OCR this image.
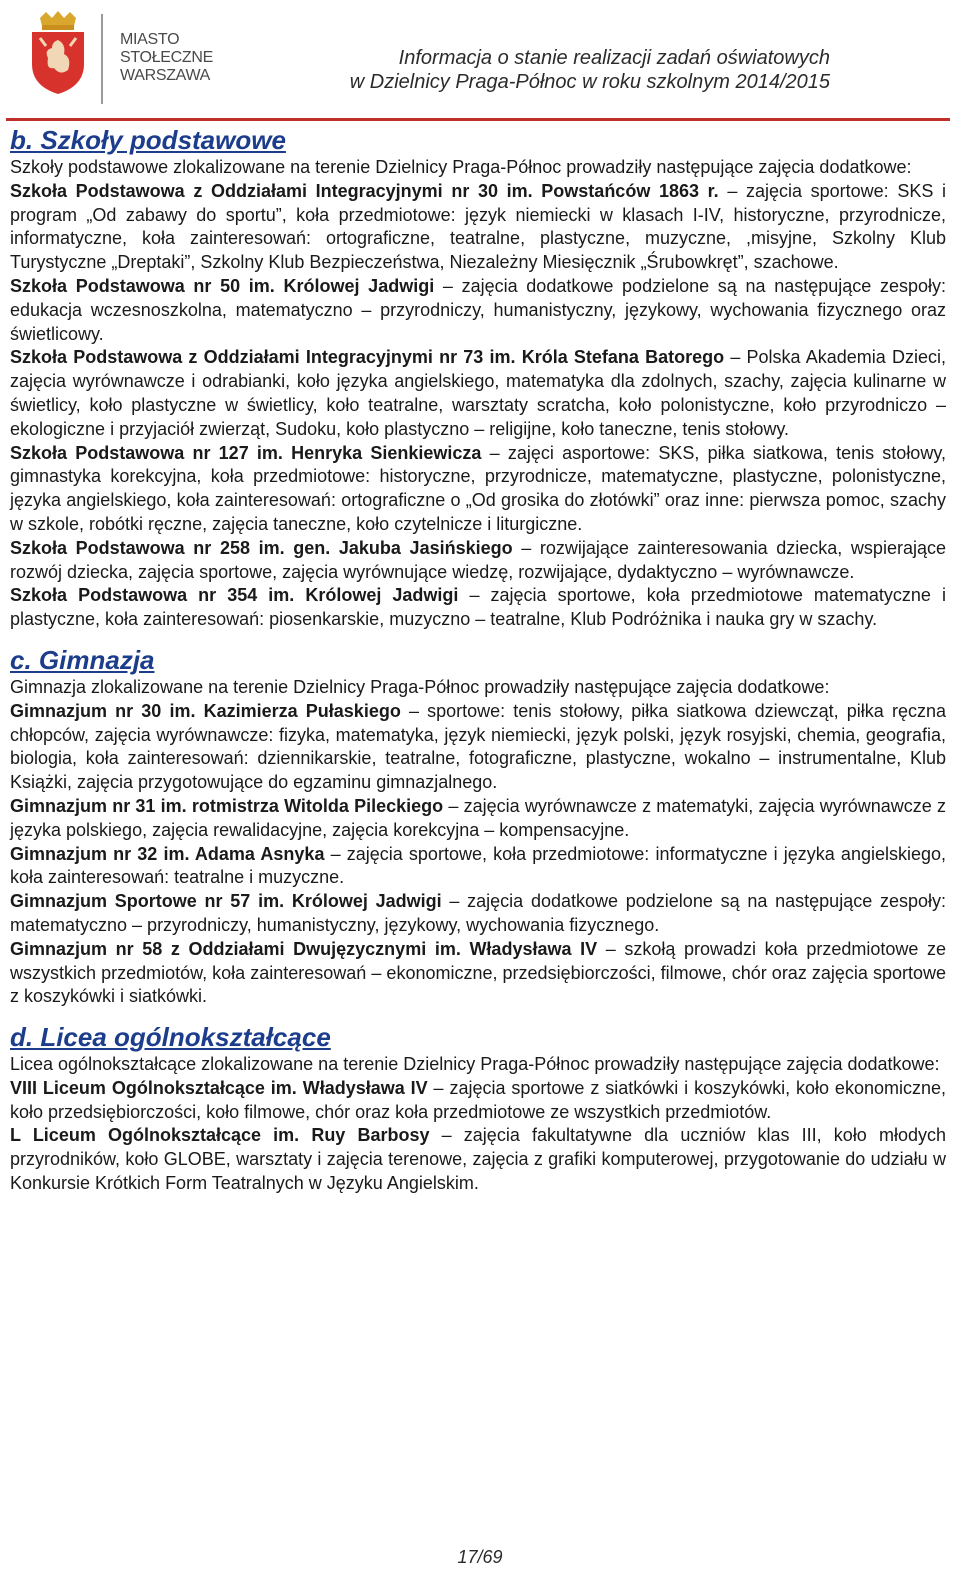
MIASTO
STOŁECZNE
WARSZAWA
Informacja o stanie realizacji zadań oświatowych
w Dzielnicy Praga-Północ w roku szkolnym 2014/2015
b. Szkoły podstawowe

Szkoły podstawowe zlokalizowane na terenie Dzielnicy Praga-Północ prowadziły następujące zajęcia dodatkowe:

Szkoła Podstawowa z Oddziałami Integracyjnymi nr 30 im. Powstańców 1863 r. – zajęcia sportowe: SKS i program „Od zabawy do sportu”, koła przedmiotowe: język niemiecki w klasach I-IV, historyczne, przyrodnicze, informatyczne, koła zainteresowań: ortograficzne, teatralne, plastyczne, muzyczne, ,misyjne, Szkolny Klub Turystyczne „Dreptaki”, Szkolny Klub Bezpieczeństwa, Niezależny Miesięcznik „Śrubowkręt”, szachowe.

Szkoła Podstawowa nr 50 im. Królowej Jadwigi – zajęcia dodatkowe podzielone są na następujące zespoły: edukacja wczesnoszkolna, matematyczno – przyrodniczy, humanistyczny, językowy, wychowania fizycznego oraz świetlicowy.

Szkoła Podstawowa z Oddziałami Integracyjnymi nr 73 im. Króla Stefana Batorego – Polska Akademia Dzieci, zajęcia wyrównawcze i odrabianki, koło języka angielskiego, matematyka dla zdolnych, szachy, zajęcia kulinarne w świetlicy, koło plastyczne w świetlicy, koło teatralne, warsztaty scratcha, koło polonistyczne, koło przyrodniczo – ekologiczne i przyjaciół zwierząt, Sudoku, koło plastyczno – religijne, koło taneczne, tenis stołowy.

Szkoła Podstawowa nr 127 im. Henryka Sienkiewicza – zajęci asportowe: SKS, piłka siatkowa, tenis stołowy, gimnastyka korekcyjna, koła przedmiotowe: historyczne, przyrodnicze, matematyczne, plastyczne, polonistyczne, języka angielskiego, koła zainteresowań: ortograficzne o „Od grosika do złotówki” oraz inne: pierwsza pomoc, szachy w szkole, robótki ręczne, zajęcia taneczne, koło czytelnicze i liturgiczne.

Szkoła Podstawowa nr 258 im. gen. Jakuba Jasińskiego – rozwijające zainteresowania dziecka, wspierające rozwój dziecka, zajęcia sportowe, zajęcia wyrównujące wiedzę, rozwijające, dydaktyczno – wyrównawcze.

Szkoła Podstawowa nr 354 im. Królowej Jadwigi – zajęcia sportowe, koła przedmiotowe matematyczne i plastyczne, koła zainteresowań: piosenkarskie, muzyczno – teatralne, Klub Podróżnika i nauka gry w szachy.

c. Gimnazja

Gimnazja zlokalizowane na terenie Dzielnicy Praga-Północ prowadziły następujące zajęcia dodatkowe:

Gimnazjum nr 30 im. Kazimierza Pułaskiego – sportowe: tenis stołowy, piłka siatkowa dziewcząt, piłka ręczna chłopców, zajęcia wyrównawcze: fizyka, matematyka, język niemiecki, język polski, język rosyjski, chemia, geografia, biologia, koła zainteresowań: dziennikarskie, teatralne, fotograficzne, plastyczne, wokalno – instrumentalne, Klub Książki, zajęcia przygotowujące do egzaminu gimnazjalnego.

Gimnazjum nr 31 im. rotmistrza Witolda Pileckiego – zajęcia wyrównawcze z matematyki, zajęcia wyrównawcze z języka polskiego, zajęcia rewalidacyjne, zajęcia korekcyjna – kompensacyjne.

Gimnazjum nr 32 im. Adama Asnyka – zajęcia sportowe, koła przedmiotowe: informatyczne i języka angielskiego, koła zainteresowań: teatralne i muzyczne.

Gimnazjum Sportowe nr 57 im. Królowej Jadwigi – zajęcia dodatkowe podzielone są na następujące zespoły: matematyczno – przyrodniczy, humanistyczny, językowy, wychowania fizycznego.

Gimnazjum nr 58 z Oddziałami Dwujęzycznymi im. Władysława IV – szkołą prowadzi koła przedmiotowe ze wszystkich przedmiotów, koła zainteresowań – ekonomiczne, przedsiębiorczości, filmowe, chór oraz zajęcia sportowe z koszykówki i siatkówki.

d. Licea ogólnokształcące

Licea ogólnokształcące zlokalizowane na terenie Dzielnicy Praga-Północ prowadziły następujące zajęcia dodatkowe:

VIII Liceum Ogólnokształcące im. Władysława IV – zajęcia sportowe z siatkówki i koszykówki, koło ekonomiczne, koło przedsiębiorczości, koło filmowe, chór oraz koła przedmiotowe ze wszystkich przedmiotów.

L Liceum Ogólnokształcące im. Ruy Barbosy – zajęcia fakultatywne dla uczniów klas III, koło młodych przyrodników, koło GLOBE, warsztaty i zajęcia terenowe, zajęcia z grafiki komputerowej, przygotowanie do udziału w Konkursie Krótkich Form Teatralnych w Języku Angielskim.

17/69
